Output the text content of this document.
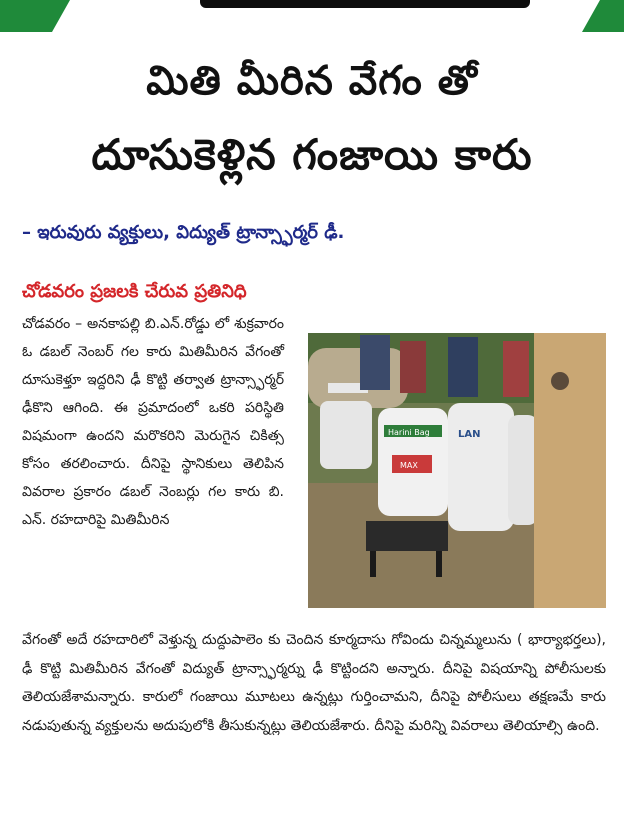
మితి మీరిన వేగం తో
దూసుకెళ్లిన గంజాయి కారు
– ఇరువురు వ్యక్తులు, విద్యుత్ ట్రాన్స్ఫార్మర్ ఢీ.
చోడవరం ప్రజలకి చేరువ ప్రతినిధి

చోడవరం – అనకాపల్లి బి.ఎన్.రోడ్డు లో శుక్రవారం ఓ డబల్ నెంబర్ గల కారు మితిమీరిన వేగంతో దూసుకెళ్తూ ఇద్దరిని ఢీ కొట్టి తర్వాత ట్రాన్స్ఫార్మర్ ఢీకొని ఆగింది. ఈ ప్రమాదంలో ఒకరి పరిస్థితి విషమంగా ఉందని మరొకరిని మెరుగైన చికిత్స కోసం తరలించారు. దీనిపై స్థానికులు తెలిపిన వివరాల ప్రకారం డబల్ నెంబర్లు గల కారు బి. ఎన్. రహదారిపై మితిమీరిన

Harini Bag
MAX
LAN

వేగంతో అదే రహదారిలో వెళ్తున్న దుద్దుపాలెం కు చెందిన కూర్మదాసు గోవిందు చిన్నమ్మలును ( భార్యాభర్తలు), ఢీ కొట్టి మితిమీరిన వేగంతో విద్యుత్ ట్రాన్స్ఫార్మర్ను ఢీ కొట్టిందని అన్నారు. దీనిపై విషయాన్ని పోలీసులకు తెలియజేశామన్నారు. కారులో గంజాయి మూటలు ఉన్నట్లు గుర్తించామని, దీనిపై పోలీసులు తక్షణమే కారు నడుపుతున్న వ్యక్తులను అదుపులోకి తీసుకున్నట్లు తెలియజేశారు. దీనిపై మరిన్ని వివరాలు తెలియాల్సి ఉంది.
